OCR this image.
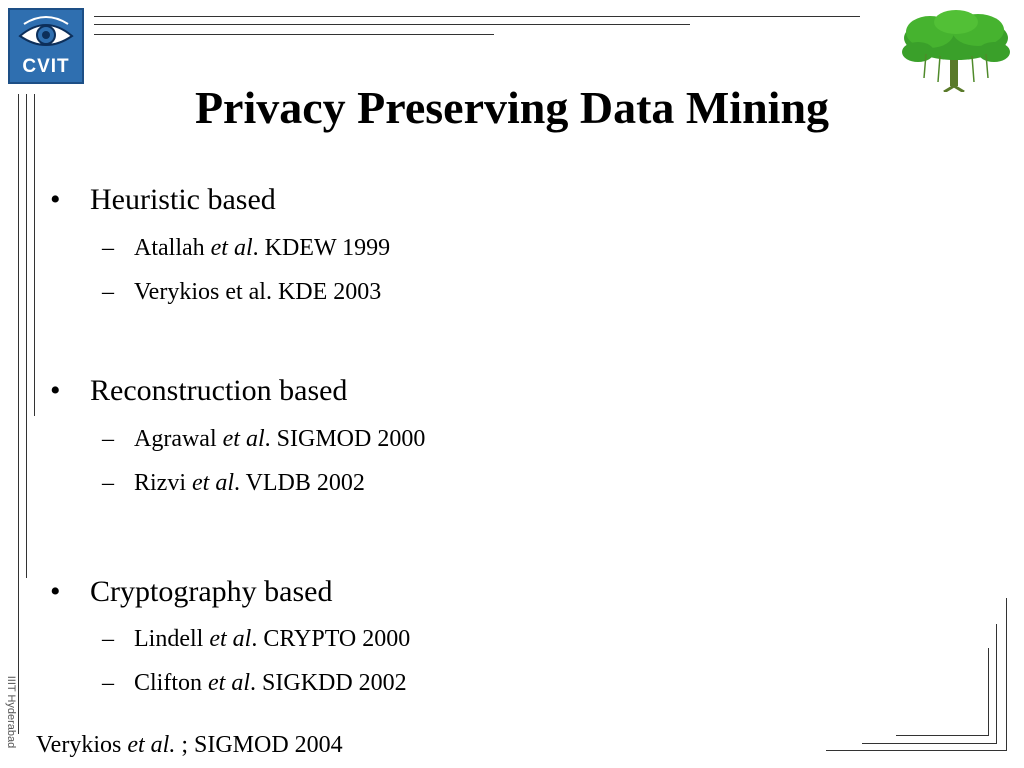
CVIT
Privacy Preserving Data Mining
• Heuristic based
– Atallah et al. KDEW 1999
– Verykios et al. KDE 2003
• Reconstruction based
– Agrawal et al. SIGMOD 2000
– Rizvi et al. VLDB 2002
• Cryptography based
– Lindell et al. CRYPTO 2000
– Clifton et al. SIGKDD 2002
Verykios et al. ; SIGMOD 2004
IIIT Hyderabad
